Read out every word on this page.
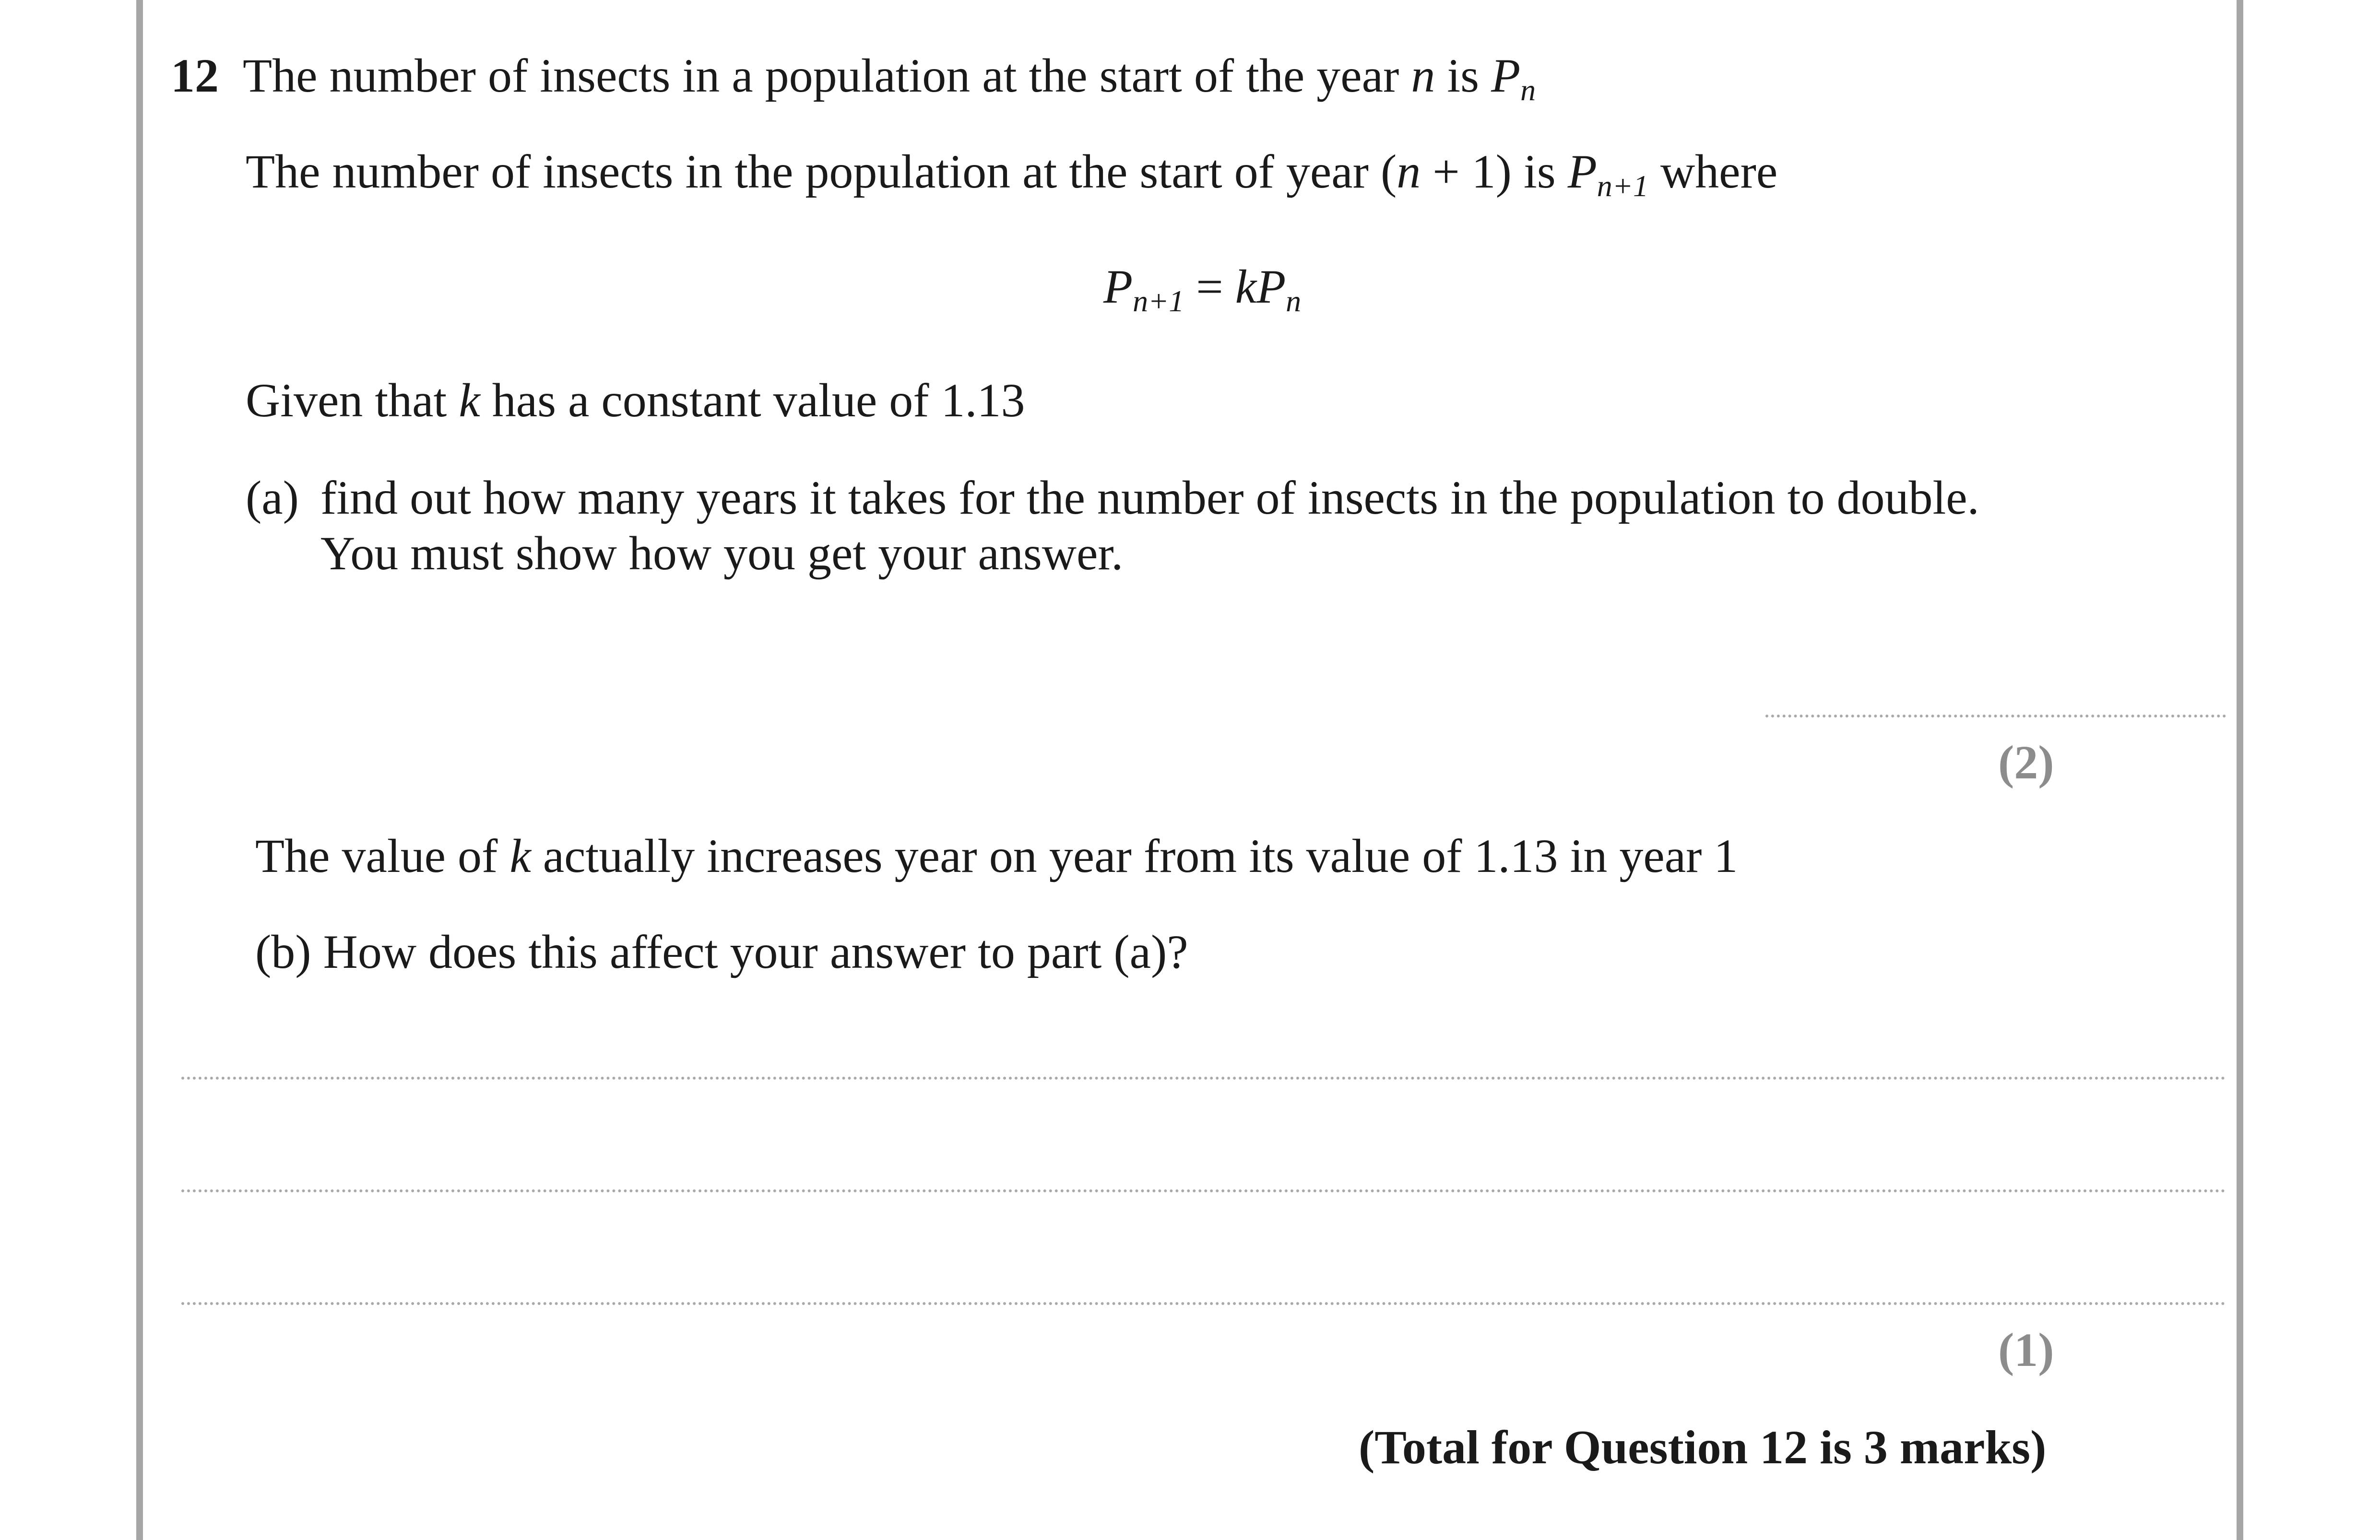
12 The number of insects in a population at the start of the year n is $P_n$
The number of insects in the population at the start of year (n + 1) is $P_{n+1}$ where
$P_{n+1} = kP_n$
Given that k has a constant value of 1.13
(a) find out how many years it takes for the number of insects in the population to double.
You must show how you get your answer.
(2)
The value of k actually increases year on year from its value of 1.13 in year 1
(b) How does this affect your answer to part (a)?
(1)
(Total for Question 12 is 3 marks)
